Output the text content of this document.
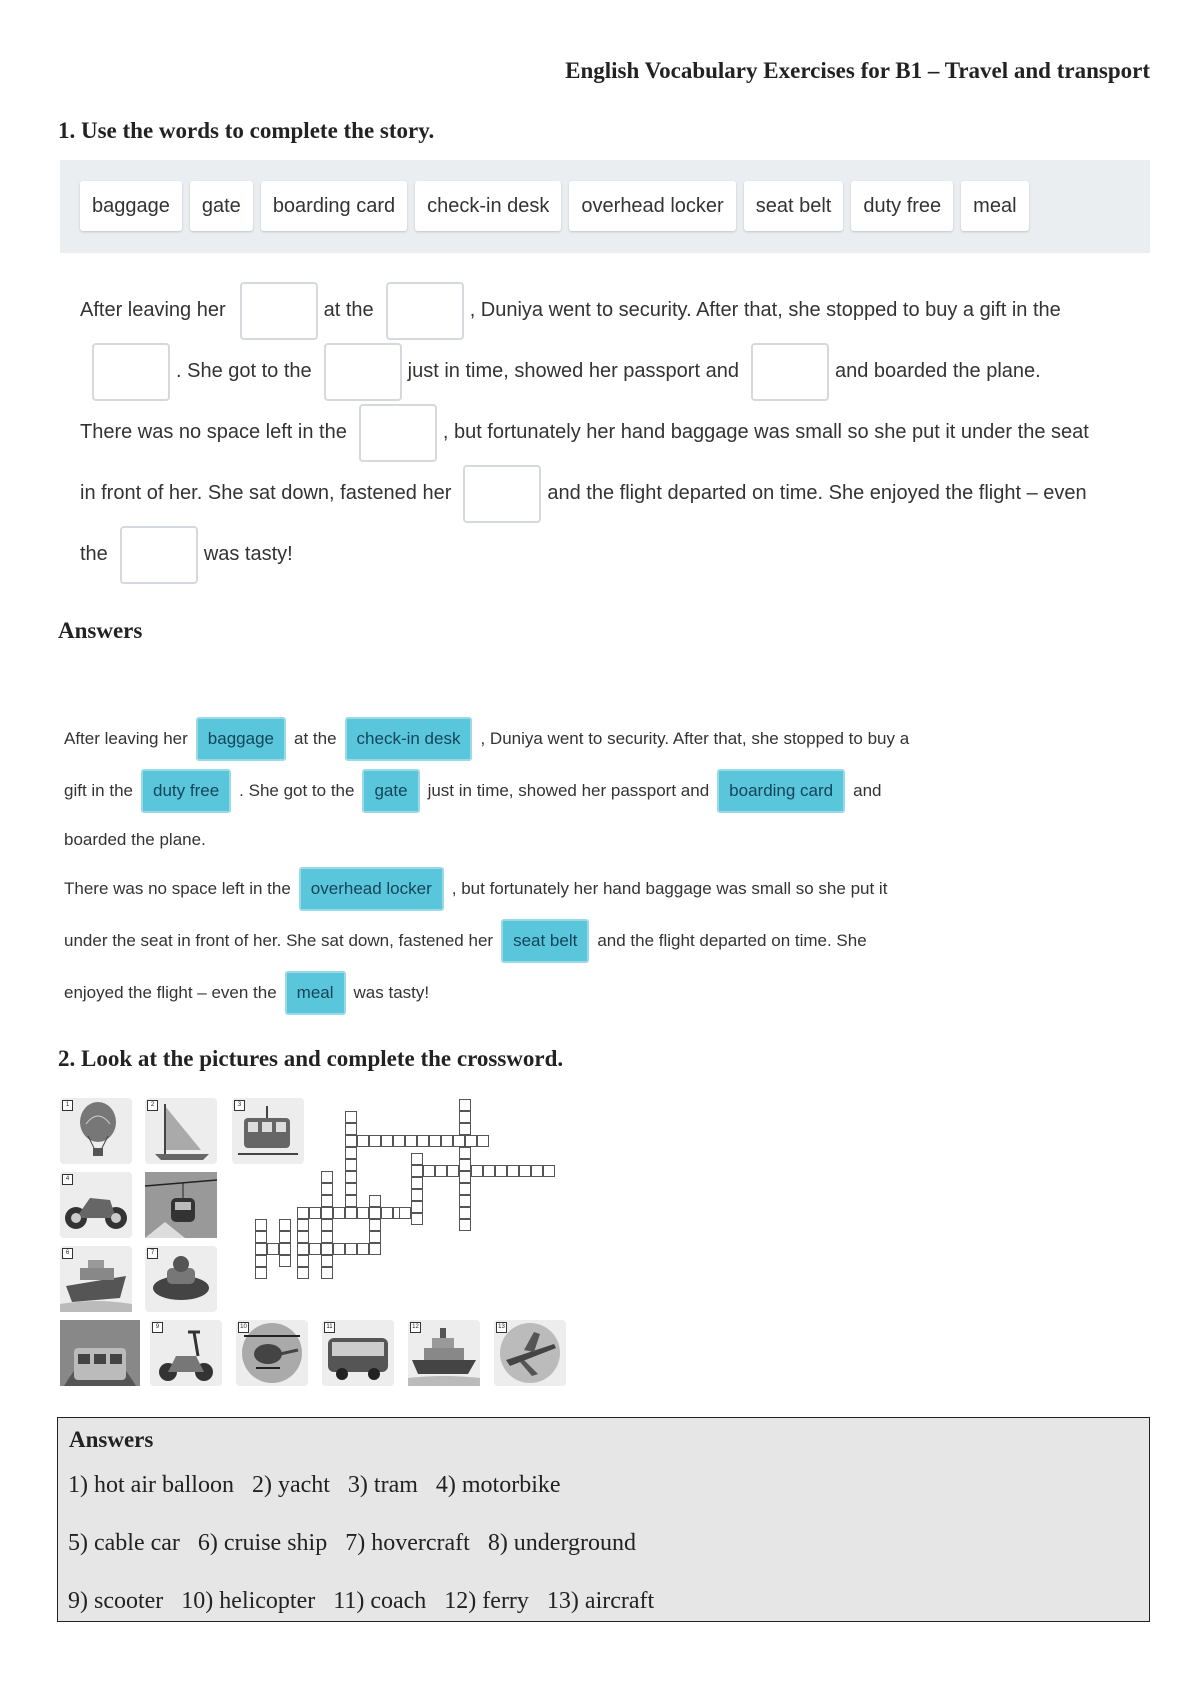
English Vocabulary Exercises for B1 – Travel and transport
1. Use the words to complete the story.
baggage	gate	boarding card	check-in desk	overhead locker	seat belt	duty free	meal
After leaving her	at the	, Duniya went to security. After that, she stopped to buy a gift in the
. She got to the	just in time, showed her passport and	and boarded the plane.
There was no space left in the	, but fortunately her hand baggage was small so she put it under the seat
in front of her. She sat down, fastened her	and the flight departed on time. She enjoyed the flight – even
the	was tasty!
Answers
After leaving her	baggage	at the	check-in desk	, Duniya went to security. After that, she stopped to buy a
gift in the	duty free	. She got to the	gate	just in time, showed her passport and	boarding card	and
boarded the plane.
There was no space left in the	overhead locker	, but fortunately her hand baggage was small so she put it
under the seat in front of her. She sat down, fastened her	seat belt	and the flight departed on time. She
enjoyed the flight – even the	meal	was tasty!
2. Look at the pictures and complete the crossword.
1	2	3
4
6	7
9	10	11	12	13
Answers
1) hot air balloon   2) yacht   3) tram   4) motorbike
5) cable car   6) cruise ship   7) hovercraft   8) underground
9) scooter   10) helicopter   11) coach   12) ferry   13) aircraft
